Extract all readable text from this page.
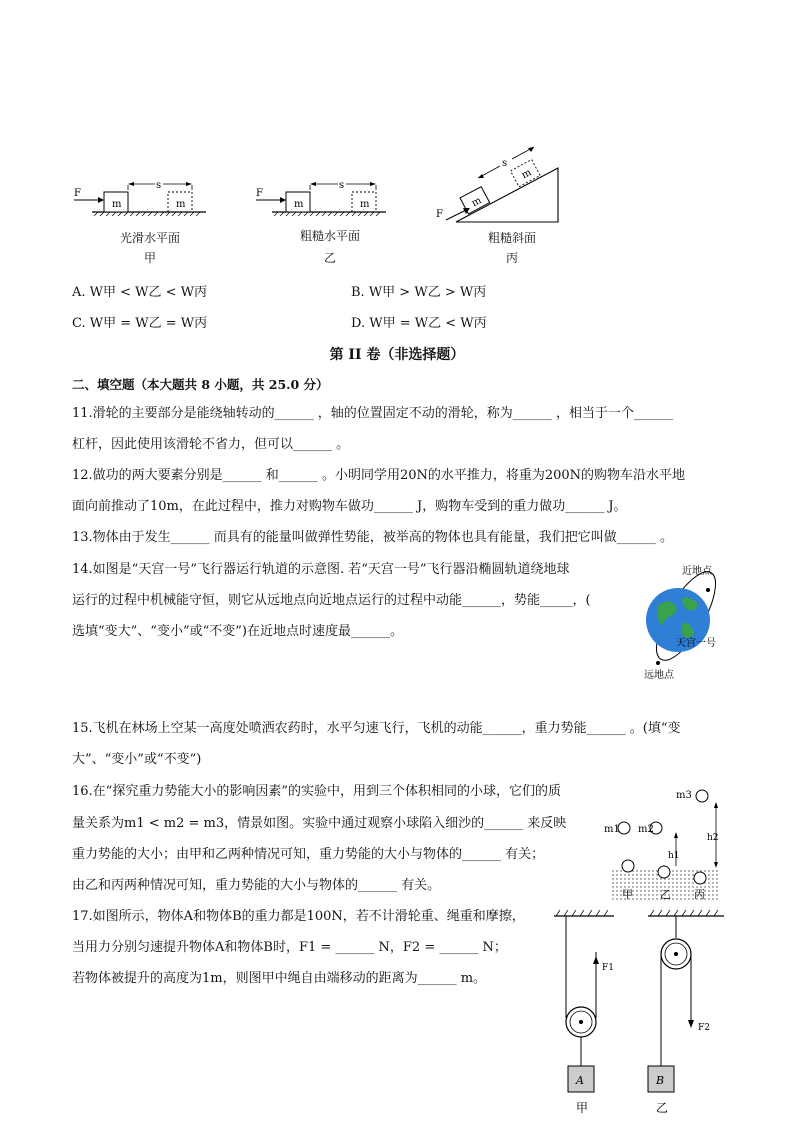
m	m
F
s
m	m
F
s
m
m
F
s
光滑水平面
甲
粗糙水平面
乙
粗糙斜面
丙
A. W甲 < W乙 < W丙	B. W甲 > W乙 > W丙
C. W甲 = W乙 = W丙	D. W甲 = W乙 < W丙
第 II 卷（非选择题）
二、填空题（本大题共 8 小题，共 25.0 分）
11.滑轮的主要部分是能绕轴转动的______ ，轴的位置固定不动的滑轮，称为______ ，相当于一个______
杠杆，因此使用该滑轮不省力，但可以______ 。
12.做功的两大要素分别是______ 和______ 。小明同学用20N的水平推力，将重为200N的购物车沿水平地
面向前推动了10m，在此过程中，推力对购物车做功______ J，购物车受到的重力做功______ J。
13.物体由于发生______ 而具有的能量叫做弹性势能，被举高的物体也具有能量，我们把它叫做______ 。
14.如图是“天宫一号”飞行器运行轨道的示意图. 若“天宫一号”飞行器沿椭圆轨道绕地球
运行的过程中机械能守恒，则它从远地点向近地点运行的过程中动能______，势能_____，(
选填“变大”、“变小”或“不变”)在近地点时速度最______。
近地点
远地点
天宫一号
15.飞机在林场上空某一高度处喷洒农药时，水平匀速飞行，飞机的动能______，重力势能______ 。(填“变
大”、“变小”或“不变”)
16.在“探究重力势能大小的影响因素”的实验中，用到三个体积相同的小球，它们的质
量关系为m1 < m2 = m3，情景如图。实验中通过观察小球陷入细沙的______ 来反映
重力势能的大小；由甲和乙两种情况可知，重力势能的大小与物体的______ 有关；
由乙和丙两种情况可知，重力势能的大小与物体的______ 有关。
m3
m1 m2
h1
h2
甲 乙 丙
17.如图所示，物体A和物体B的重力都是100N，若不计滑轮重、绳重和摩擦，
当用力分别匀速提升物体A和物体B时，F1 = ______ N，F2 = ______ N；
若物体被提升的高度为1m，则图甲中绳自由端移动的距离为______ m。
F1
A
甲
F2
B
乙
